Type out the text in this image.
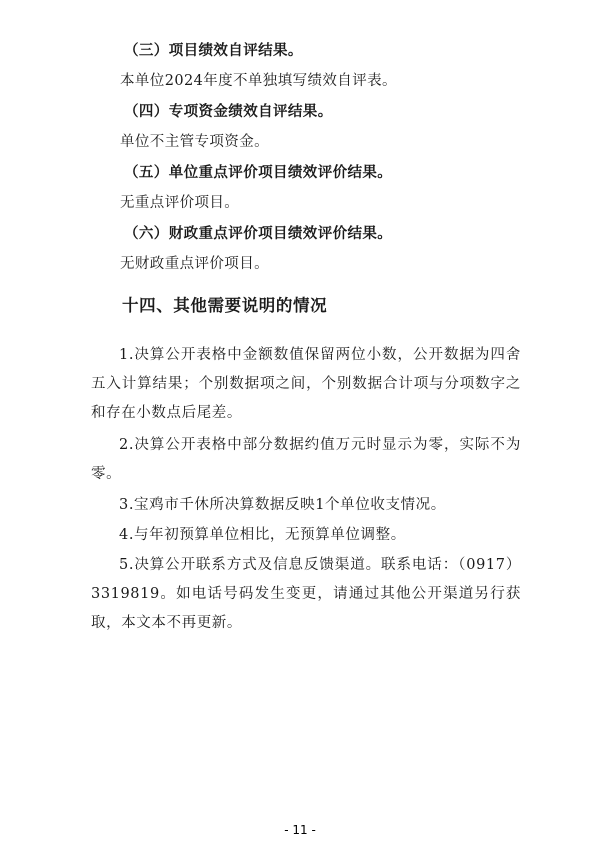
（三）项目绩效自评结果。
本单位2024年度不单独填写绩效自评表。
（四）专项资金绩效自评结果。
单位不主管专项资金。
（五）单位重点评价项目绩效评价结果。
无重点评价项目。
（六）财政重点评价项目绩效评价结果。
无财政重点评价项目。
十四、其他需要说明的情况
1.决算公开表格中金额数值保留两位小数，公开数据为四舍五入计算结果；个别数据项之间，个别数据合计项与分项数字之和存在小数点后尾差。
2.决算公开表格中部分数据约值万元时显示为零，实际不为零。
3.宝鸡市千休所决算数据反映1个单位收支情况。
4.与年初预算单位相比，无预算单位调整。
5.决算公开联系方式及信息反馈渠道。联系电话：（0917）3319819。如电话号码发生变更，请通过其他公开渠道另行获取，本文本不再更新。
- 11 -
